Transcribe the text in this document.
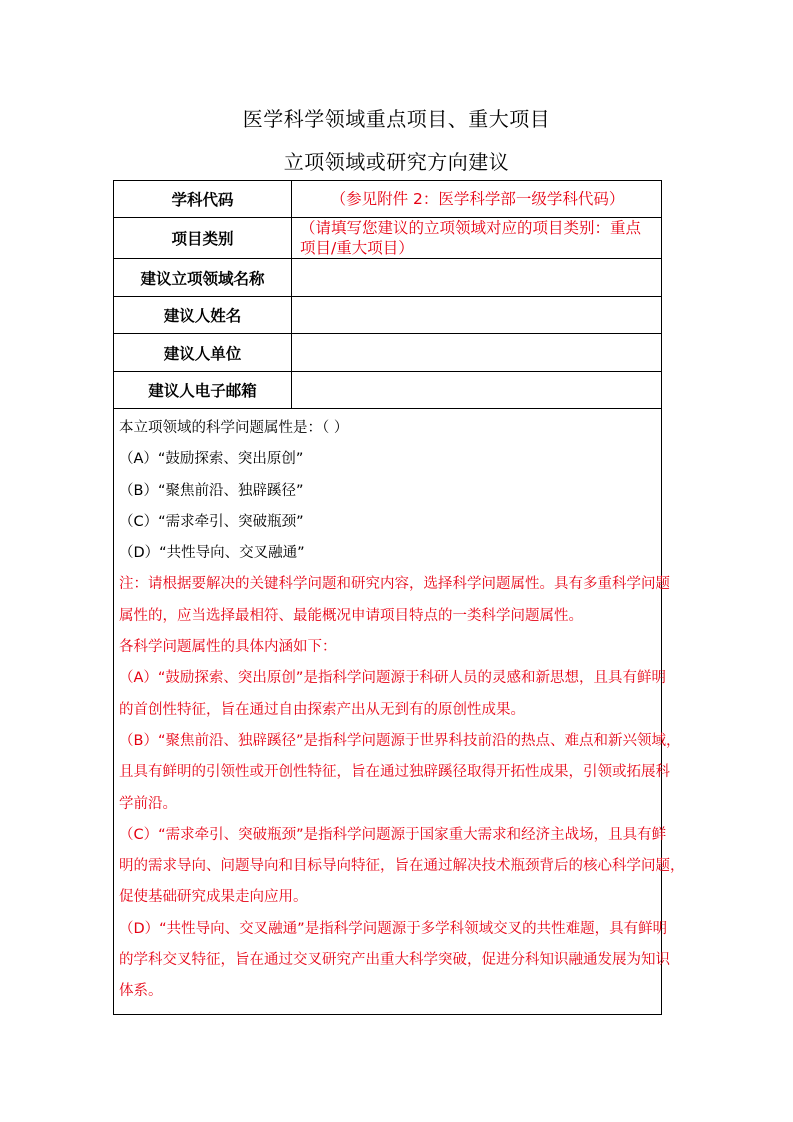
医学科学领域重点项目、重大项目
立项领域或研究方向建议
学科代码	（参见附件 2：医学科学部一级学科代码）
项目类别	（请填写您建议的立项领域对应的项目类别：重点项目/重大项目）
建议立项领域名称	
建议人姓名	
建议人单位	
建议人电子邮箱	

本立项领域的科学问题属性是：（ ）
（A）“鼓励探索、突出原创”
（B）“聚焦前沿、独辟蹊径”
（C）“需求牵引、突破瓶颈”
（D）“共性导向、交叉融通”
注：请根据要解决的关键科学问题和研究内容，选择科学问题属性。具有多重科学问题
属性的，应当选择最相符、最能概况申请项目特点的一类科学问题属性。
各科学问题属性的具体内涵如下：
（A）“鼓励探索、突出原创”是指科学问题源于科研人员的灵感和新思想，且具有鲜明
的首创性特征，旨在通过自由探索产出从无到有的原创性成果。
（B）“聚焦前沿、独辟蹊径”是指科学问题源于世界科技前沿的热点、难点和新兴领域，
且具有鲜明的引领性或开创性特征，旨在通过独辟蹊径取得开拓性成果，引领或拓展科
学前沿。
（C）“需求牵引、突破瓶颈”是指科学问题源于国家重大需求和经济主战场，且具有鲜
明的需求导向、问题导向和目标导向特征，旨在通过解决技术瓶颈背后的核心科学问题，
促使基础研究成果走向应用。
（D）“共性导向、交叉融通”是指科学问题源于多学科领域交叉的共性难题，具有鲜明
的学科交叉特征，旨在通过交叉研究产出重大科学突破，促进分科知识融通发展为知识
体系。
